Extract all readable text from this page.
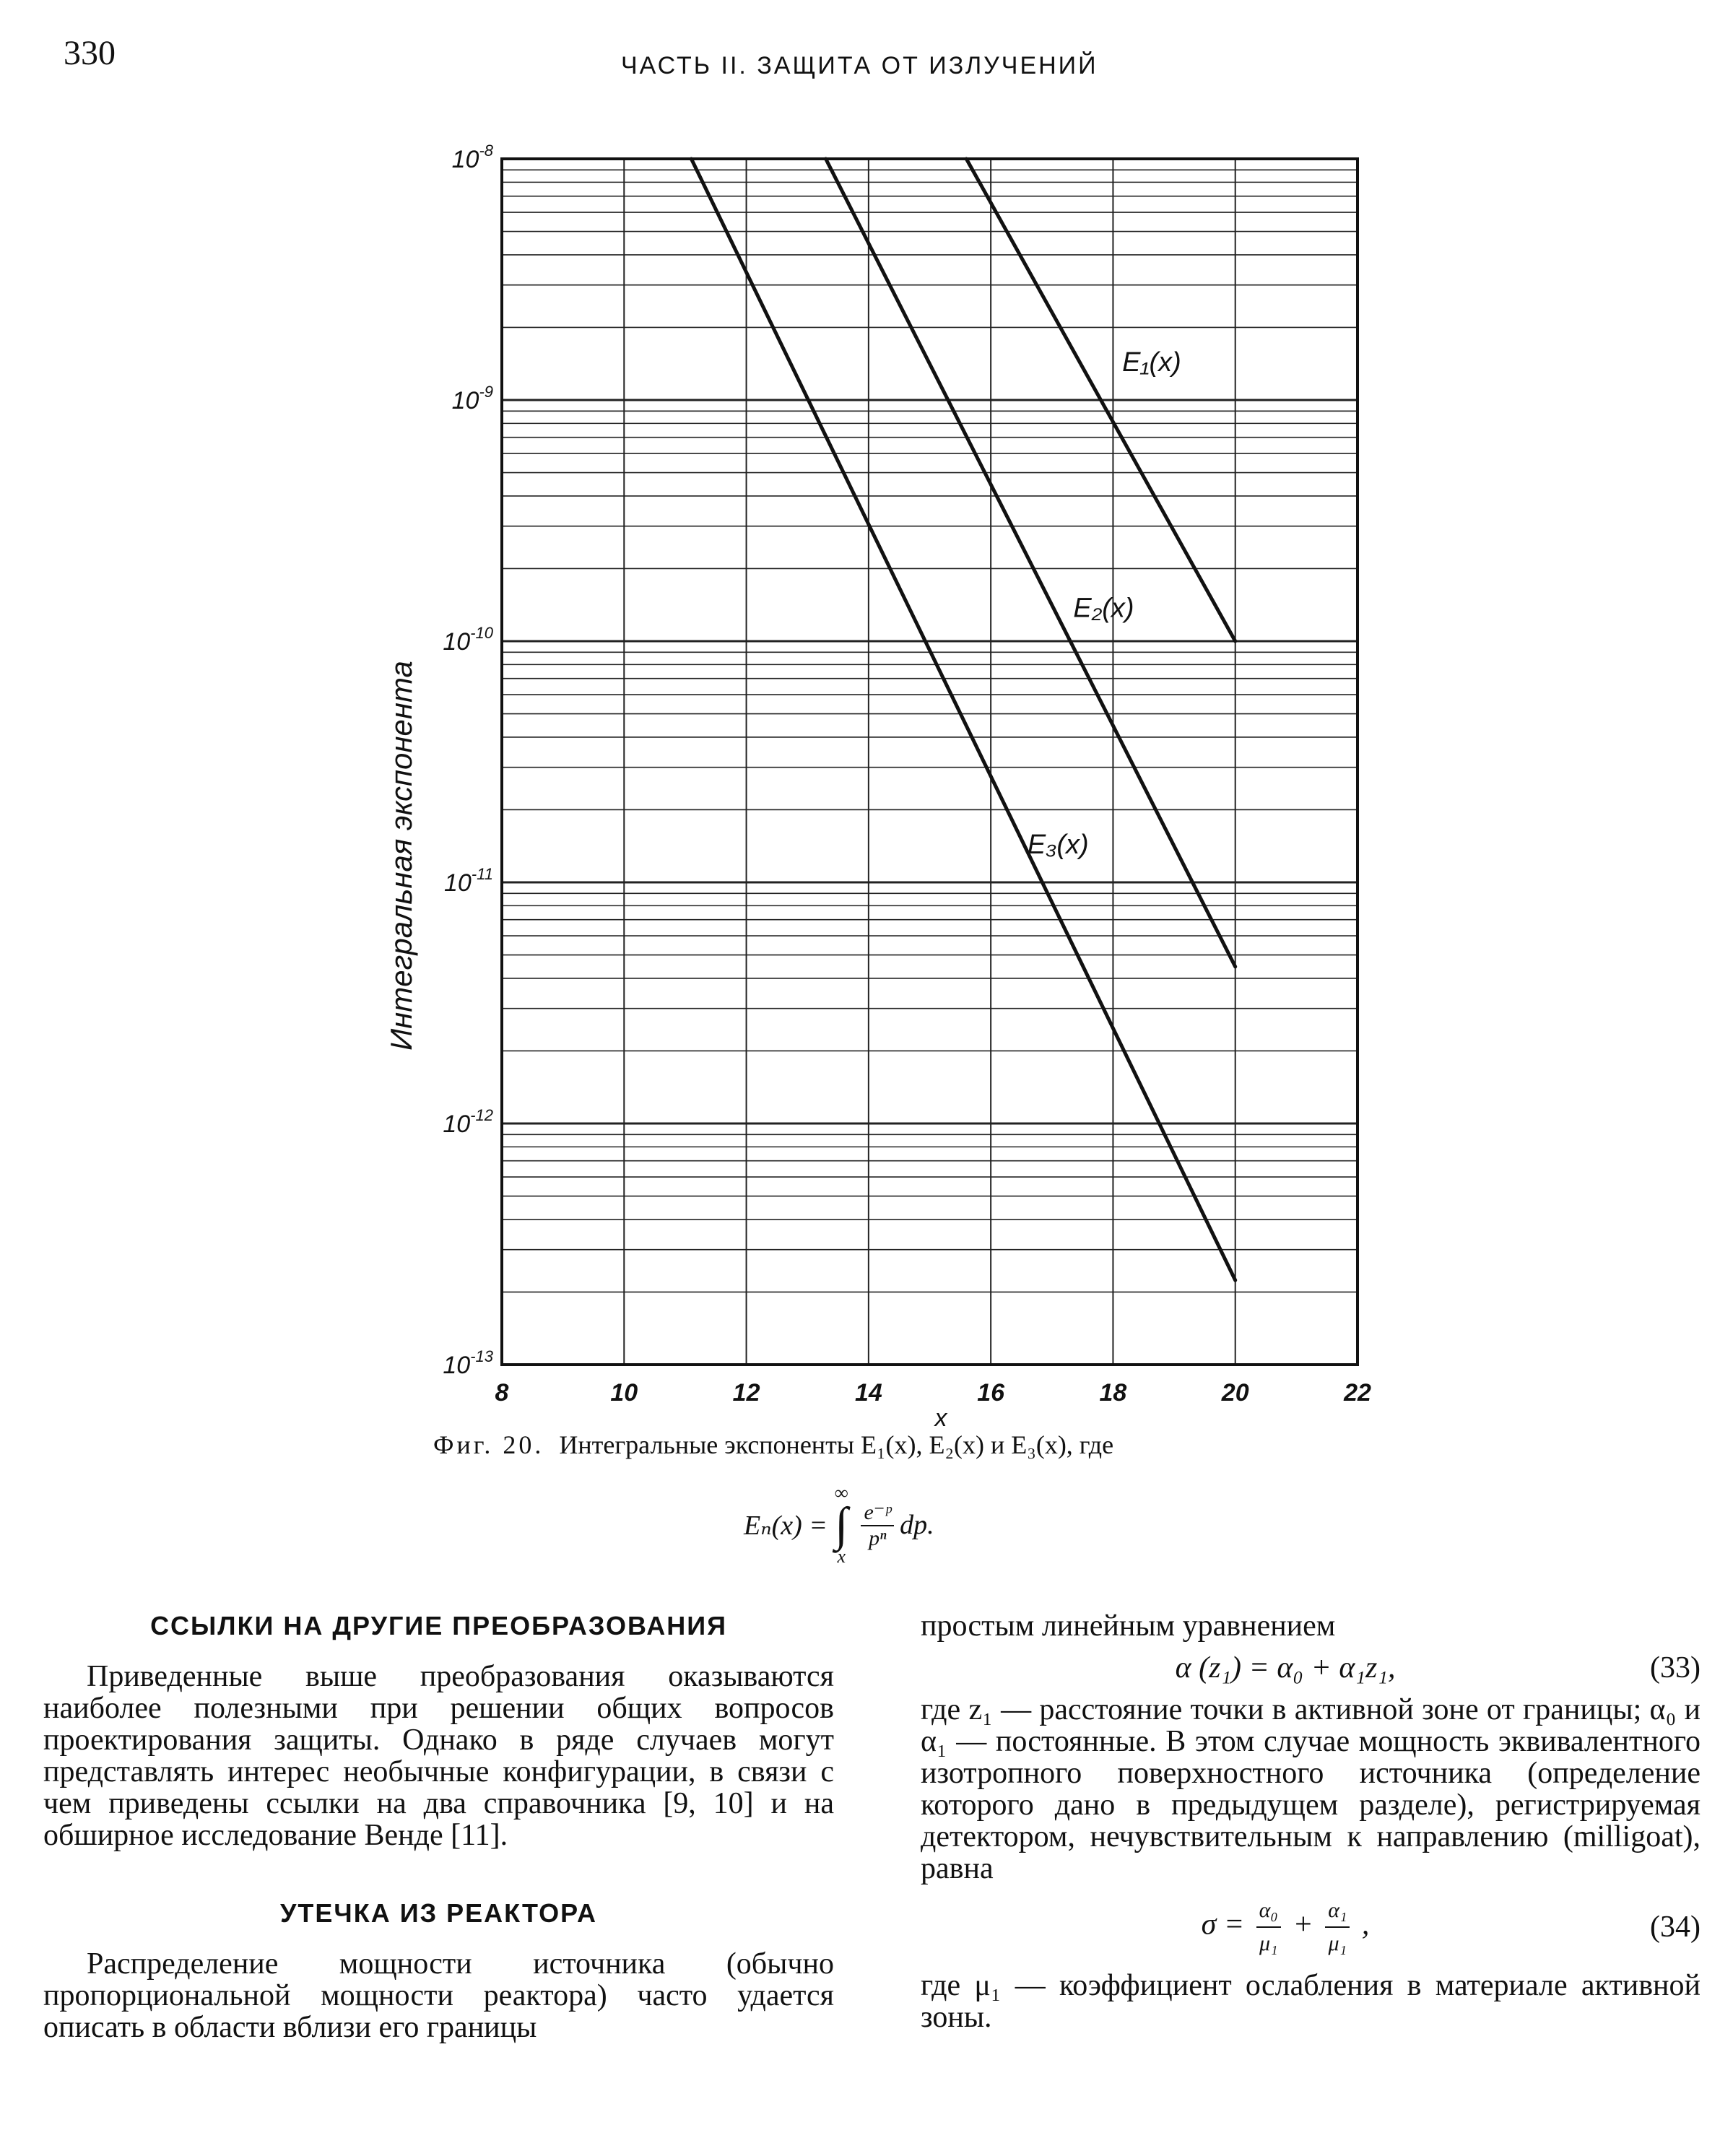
330	ЧАСТЬ II. ЗАЩИТА ОТ ИЗЛУЧЕНИЙ
8	10	12	14	16	18	20	22
$10^{-8}$
$10^{-9}$
$10^{-10}$
$10^{-11}$
$10^{-12}$
$10^{-13}$
E₁(x)
E₂(x)
E₃(x)
Интегральная экспонента
x
Фиг. 20. Интегральные экспоненты E₁(x), E₂(x) и E₃(x), где
Eₙ(x) =
∞
∫
x
$\frac{\text{e⁻ᵖ}}{\text{pⁿ}}$ dp.
ССЫЛКИ НА ДРУГИЕ ПРЕОБРАЗОВАНИЯ

Приведенные выше преобразования оказываются наиболее полезными при решении общих вопросов проектирования защиты. Однако в ряде случаев могут представлять интерес необычные конфигурации, в связи с чем приведены ссылки на два справочника [9, 10] и на обширное исследование Венде [11].

УТЕЧКА ИЗ РЕАКТОРА

Распределение мощности источника (обычно пропорциональной мощности реактора) часто удается описать в области вблизи его границы

простым линейным уравнением

α (z₁) = α₀ + α₁z₁,	(33)

где z₁ — расстояние точки в активной зоне от границы; α₀ и α₁ — постоянные. В этом случае мощность эквивалентного изотропного поверхностного источника (определение которого дано в предыдущем разделе), регистрируемая детектором, нечувствительным к направлению (milligoat), равна

$\sigma = \frac{\text{α₀}}{\text{μ₁}} + \frac{\text{α₁}}{\text{μ₁}}$ ,	(34)

где μ₁ — коэффициент ослабления в материале активной зоны.
